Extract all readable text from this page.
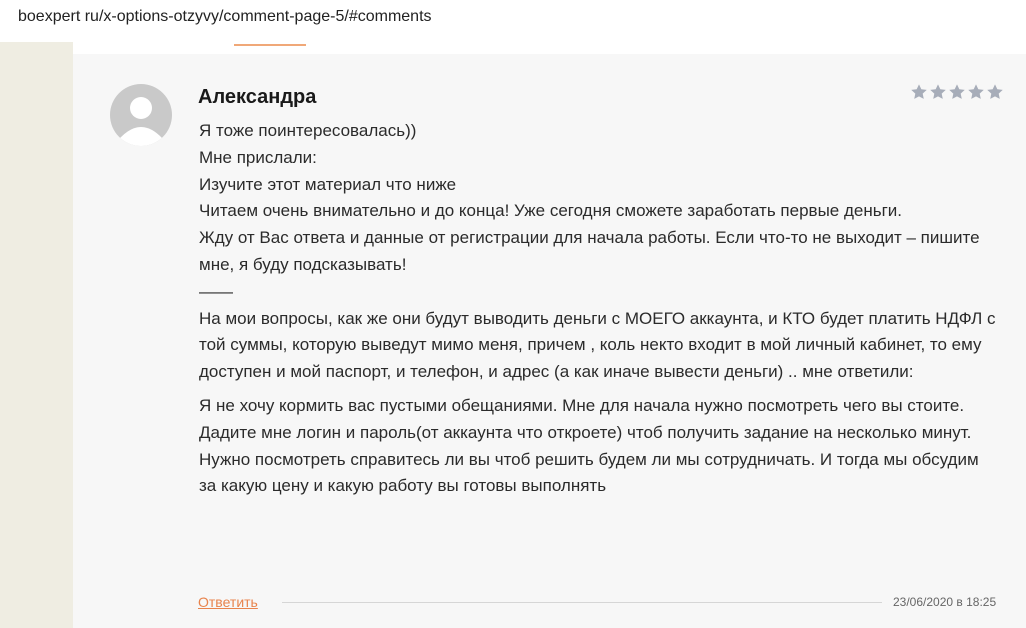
boexpert ru/x-options-otzyvy/comment-page-5/#comments
Александра

Я тоже поинтересовалась))

Мне прислали:

Изучите этот материал что ниже

Читаем очень внимательно и до конца! Уже сегодня сможете заработать первые деньги.

Жду от Вас ответа и данные от регистрации для начала работы. Если что-то не выходит – пишите мне, я буду подсказывать!

——

На мои вопросы, как же они будут выводить деньги с МОЕГО аккаунта, и КТО будет платить НДФЛ с той суммы, которую выведут мимо меня, причем , коль некто входит в мой личный кабинет, то ему доступен и мой паспорт, и телефон, и адрес (а как иначе вывести деньги) .. мне ответили:

Я не хочу кормить вас пустыми обещаниями. Мне для начала нужно посмотреть чего вы стоите. Дадите мне логин и пароль(от аккаунта что откроете) чтоб получить задание на несколько минут. Нужно посмотреть справитесь ли вы чтоб решить будем ли мы сотрудничать. И тогда мы обсудим за какую цену и какую работу вы готовы выполнять

Ответить	23/06/2020 в 18:25
